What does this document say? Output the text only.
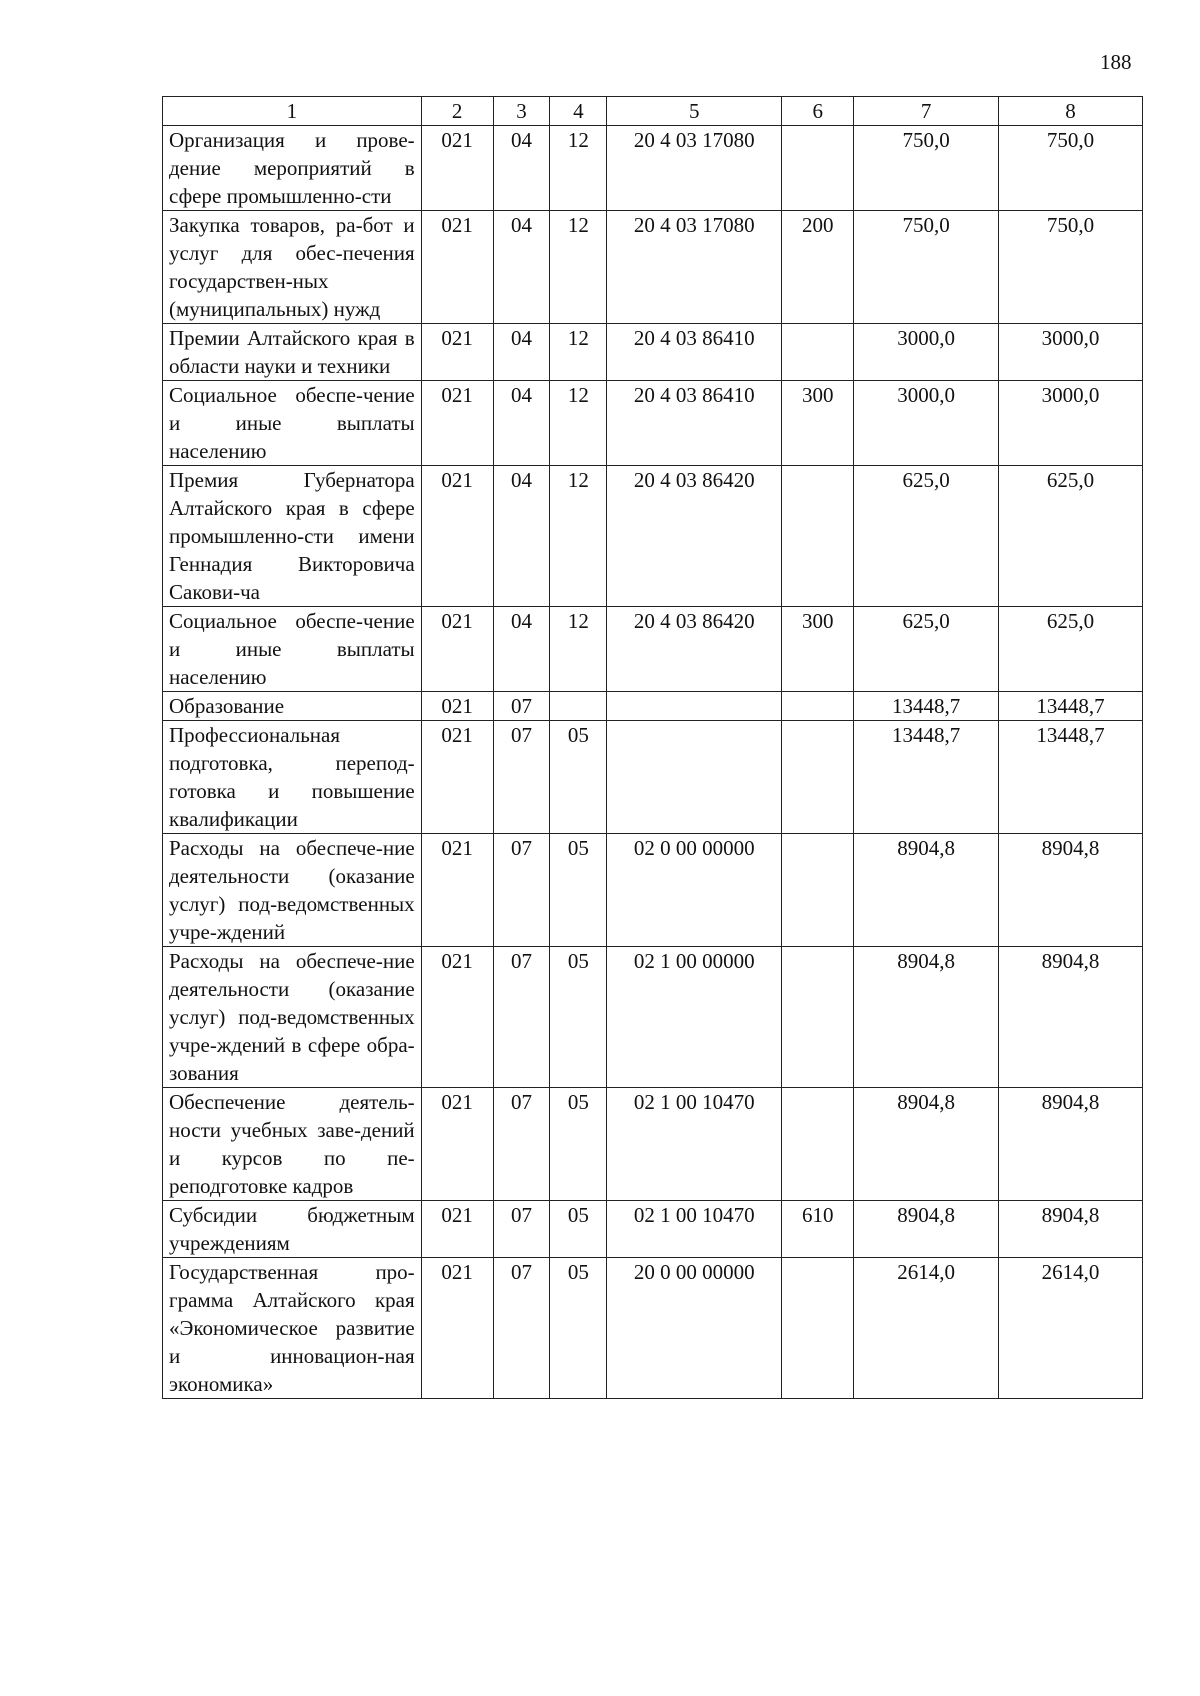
188
1	2	3	4	5	6	7	8
Организация и прове-дение мероприятий в сфере промышленно-сти	021	04	12	20 4 03 17080		750,0	750,0
Закупка товаров, ра-бот и услуг для обес-печения государствен-ных (муниципальных) нужд	021	04	12	20 4 03 17080	200	750,0	750,0
Премии Алтайского края в области науки и техники	021	04	12	20 4 03 86410		3000,0	3000,0
Социальное обеспе-чение и иные выплаты населению	021	04	12	20 4 03 86410	300	3000,0	3000,0
Премия Губернатора Алтайского края в сфере промышленно-сти имени Геннадия Викторовича Сакови-ча	021	04	12	20 4 03 86420		625,0	625,0
Социальное обеспе-чение и иные выплаты населению	021	04	12	20 4 03 86420	300	625,0	625,0
Образование	021	07				13448,7	13448,7
Профессиональная подготовка, перепод-готовка и повышение квалификации	021	07	05			13448,7	13448,7
Расходы на обеспече-ние деятельности (оказание услуг) под-ведомственных учре-ждений	021	07	05	02 0 00 00000		8904,8	8904,8
Расходы на обеспече-ние деятельности (оказание услуг) под-ведомственных учре-ждений в сфере обра-зования	021	07	05	02 1 00 00000		8904,8	8904,8
Обеспечение деятель-ности учебных заве-дений и курсов по пе-реподготовке кадров	021	07	05	02 1 00 10470		8904,8	8904,8
Субсидии бюджетным учреждениям	021	07	05	02 1 00 10470	610	8904,8	8904,8
Государственная про-грамма Алтайского края «Экономическое развитие и инновацион-ная экономика»	021	07	05	20 0 00 00000		2614,0	2614,0
